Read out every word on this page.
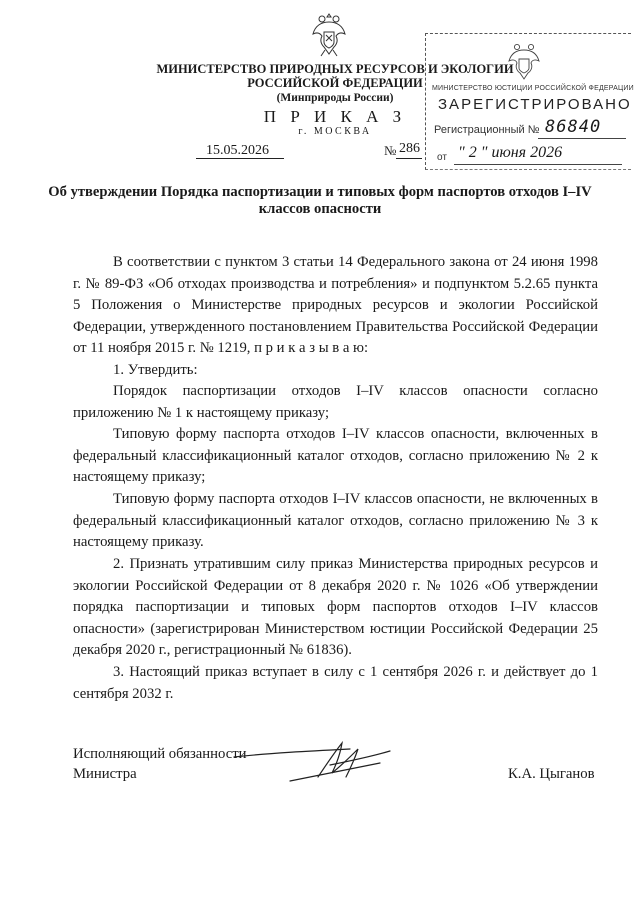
МИНИСТЕРСТВО ПРИРОДНЫХ РЕСУРСОВ И ЭКОЛОГИИ
РОССИЙСКОЙ ФЕДЕРАЦИИ
(Минприроды России)
П Р И К А З
г. МОСКВА
15.05.2026	№ 286
МИНИСТЕРСТВО ЮСТИЦИИ РОССИЙСКОЙ ФЕДЕРАЦИИ
ЗАРЕГИСТРИРОВАНО
Регистрационный № 86840
от " 2 " июня 2026
Об утверждении Порядка паспортизации и типовых форм паспортов отходов I–IV классов опасности
В соответствии с пунктом 3 статьи 14 Федерального закона от 24 июня 1998 г. № 89-ФЗ «Об отходах производства и потребления» и подпунктом 5.2.65 пункта 5 Положения о Министерстве природных ресурсов и экологии Российской Федерации, утвержденного постановлением Правительства Российской Федерации от 11 ноября 2015 г. № 1219, п р и к а з ы в а ю:
1. Утвердить:
Порядок паспортизации отходов I–IV классов опасности согласно приложению № 1 к настоящему приказу;
Типовую форму паспорта отходов I–IV классов опасности, включенных в федеральный классификационный каталог отходов, согласно приложению № 2 к настоящему приказу;
Типовую форму паспорта отходов I–IV классов опасности, не включенных в федеральный классификационный каталог отходов, согласно приложению № 3 к настоящему приказу.
2. Признать утратившим силу приказ Министерства природных ресурсов и экологии Российской Федерации от 8 декабря 2020 г. № 1026 «Об утверждении порядка паспортизации и типовых форм паспортов отходов I–IV классов опасности» (зарегистрирован Министерством юстиции Российской Федерации 25 декабря 2020 г., регистрационный № 61836).
3. Настоящий приказ вступает в силу с 1 сентября 2026 г. и действует до 1 сентября 2032 г.
Исполняющий обязанности
Министра	К.А. Цыганов
